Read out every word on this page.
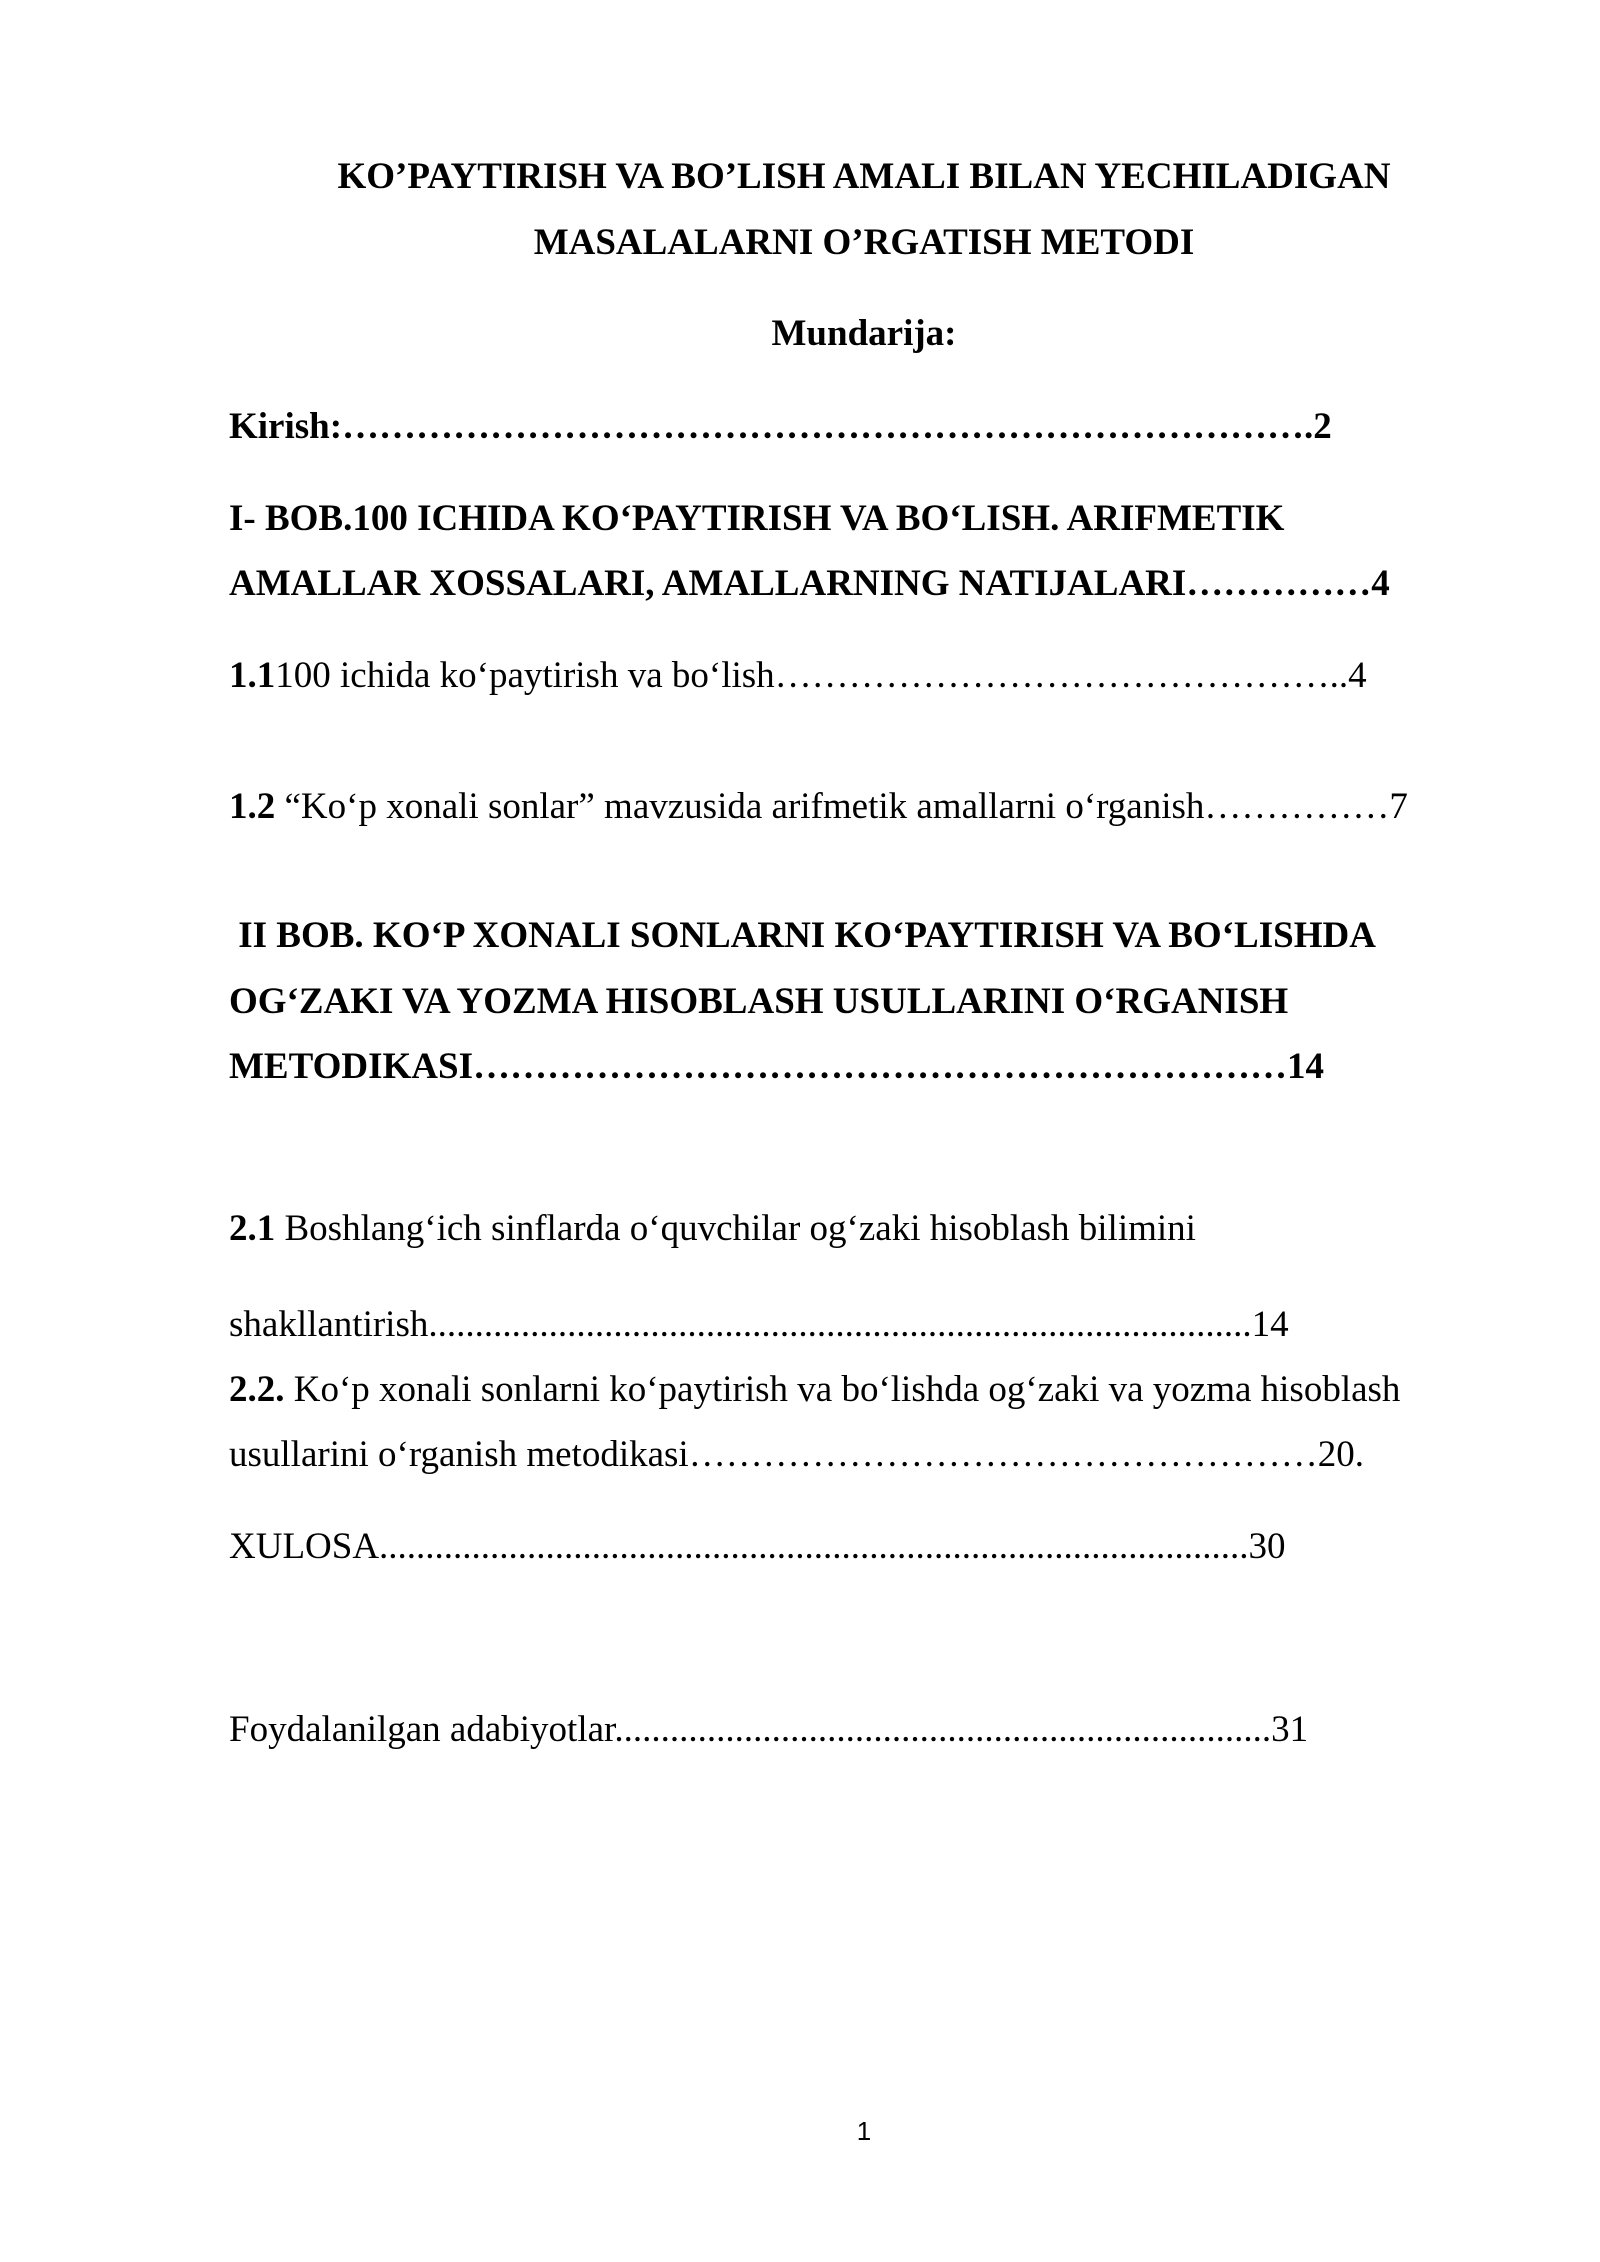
KO’PAYTIRISH VA BO’LISH AMALI BILAN YECHILADIGAN
MASALALARNI O’RGATISH METODI
Mundarija:
Kirish:…………………………………………………………………….2
I- BOB.100 ICHIDA KO‘PAYTIRISH VA BO‘LISH. ARIFMETIK
AMALLAR XOSSALARI, AMALLARNING NATIJALARI……………4
1.1100 ichida ko‘paytirish va bo‘lish………………………………………..4
1.2 “Ko‘p xonali sonlar” mavzusida arifmetik amallarni o‘rganish……………7
II BOB. KO‘P XONALI SONLARNI KO‘PAYTIRISH VA BO‘LISHDA
OG‘ZAKI VA YOZMA HISOBLASH USULLARINI O‘RGANISH
METODIKASI…………………………………………………………14
2.1 Boshlang‘ich sinflarda o‘quvchilar og‘zaki hisoblash bilimini
shakllantirish.........................................................................................14
2.2. Ko‘p xonali sonlarni ko‘paytirish va bo‘lishda og‘zaki va yozma hisoblash
usullarini o‘rganish metodikasi……………………………………………20.
XULOSA..............................................................................................30
Foydalanilgan adabiyotlar.......................................................................31
1
